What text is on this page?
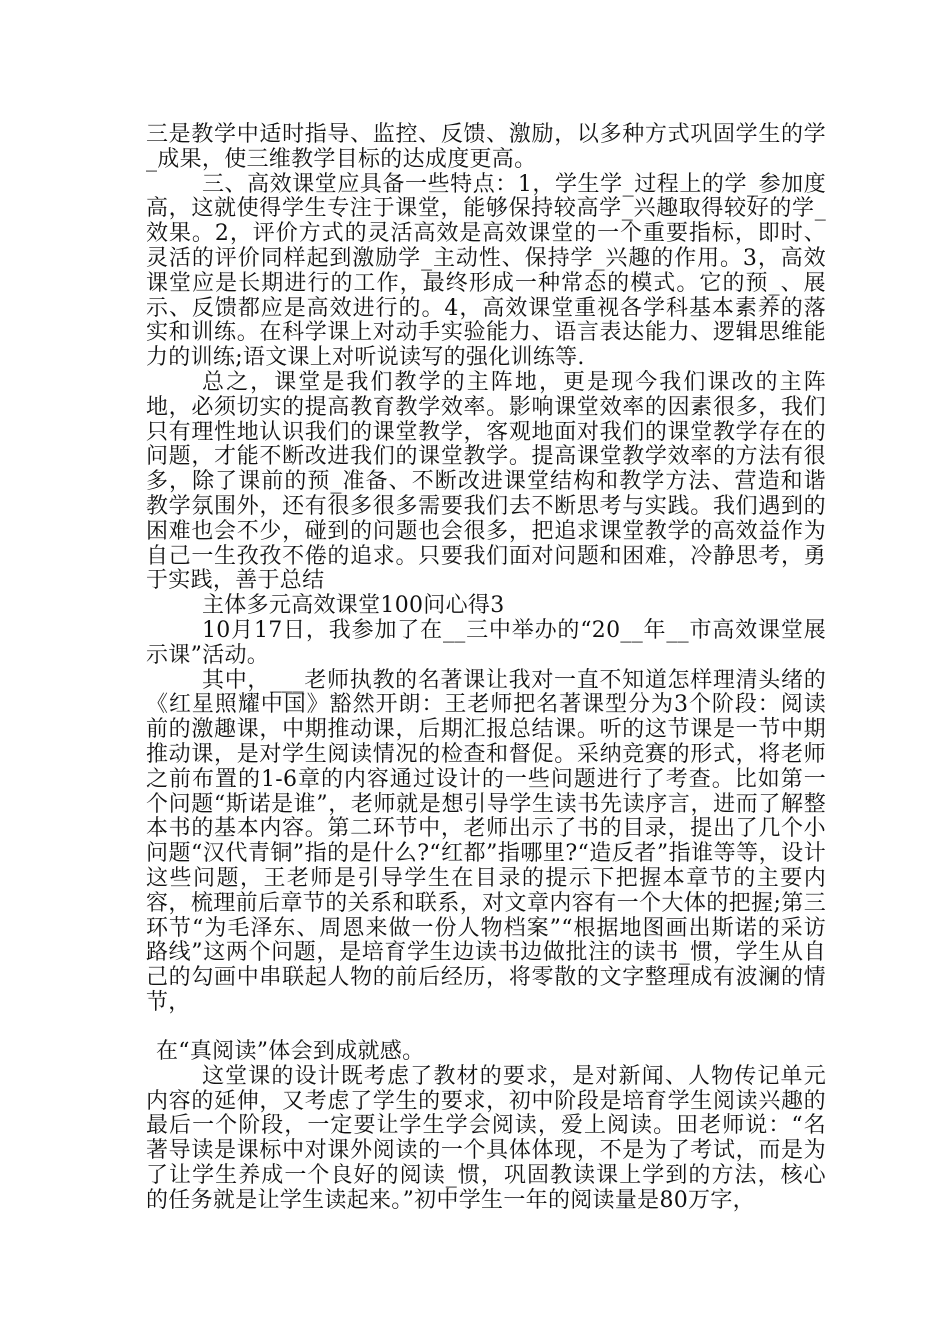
三是教学中适时指导、监控、反馈、激励，以多种方式巩固学生的学_成果，使三维教学目标的达成度更高。

三、高效课堂应具备一些特点：1，学生学_过程上的学_参加度高，这就使得学生专注于课堂，能够保持较高学_兴趣取得较好的学_效果。2，评价方式的灵活高效是高效课堂的一个重要指标，即时、灵活的评价同样起到激励学_主动性、保持学_兴趣的作用。3，高效课堂应是长期进行的工作，最终形成一种常态的模式。它的预_、展示、反馈都应是高效进行的。4，高效课堂重视各学科基本素养的落实和训练。在科学课上对动手实验能力、语言表达能力、逻辑思维能力的训练;语文课上对听说读写的强化训练等.

总之，课堂是我们教学的主阵地，更是现今我们课改的主阵地，必须切实的提高教育教学效率。影响课堂效率的因素很多，我们只有理性地认识我们的课堂教学，客观地面对我们的课堂教学存在的问题，才能不断改进我们的课堂教学。提高课堂教学效率的方法有很多，除了课前的预_准备、不断改进课堂结构和教学方法、营造和谐教学氛围外，还有很多很多需要我们去不断思考与实践。我们遇到的困难也会不少，碰到的问题也会很多，把追求课堂教学的高效益作为自己一生孜孜不倦的追求。只要我们面对问题和困难，冷静思考，勇于实践，善于总结

主体多元高效课堂100问心得3

10月17日，我参加了在__三中举办的“20__年__市高效课堂展示课”活动。

其中，___老师执教的名著课让我对一直不知道怎样理清头绪的《红星照耀中国》豁然开朗：王老师把名著课型分为3个阶段：阅读前的激趣课，中期推动课，后期汇报总结课。听的这节课是一节中期推动课，是对学生阅读情况的检查和督促。采纳竞赛的形式，将老师之前布置的1-6章的内容通过设计的一些问题进行了考查。比如第一个问题“斯诺是谁”，老师就是想引导学生读书先读序言，进而了解整本书的基本内容。第二环节中，老师出示了书的目录，提出了几个小问题“汉代青铜”指的是什么?“红都”指哪里?“造反者”指谁等等，设计这些问题，王老师是引导学生在目录的提示下把握本章节的主要内容，梳理前后章节的关系和联系，对文章内容有一个大体的把握;第三环节“为毛泽东、周恩来做一份人物档案”“根据地图画出斯诺的采访路线”这两个问题，是培育学生边读书边做批注的读书_惯，学生从自己的勾画中串联起人物的前后经历，将零散的文字整理成有波澜的情节，

在“真阅读”体会到成就感。

这堂课的设计既考虑了教材的要求，是对新闻、人物传记单元内容的延伸，又考虑了学生的要求，初中阶段是培育学生阅读兴趣的最后一个阶段，一定要让学生学会阅读，爱上阅读。田老师说：“名著导读是课标中对课外阅读的一个具体体现，不是为了考试，而是为了让学生养成一个良好的阅读_惯，巩固教读课上学到的方法，核心的任务就是让学生读起来。”初中学生一年的阅读量是80万字，
